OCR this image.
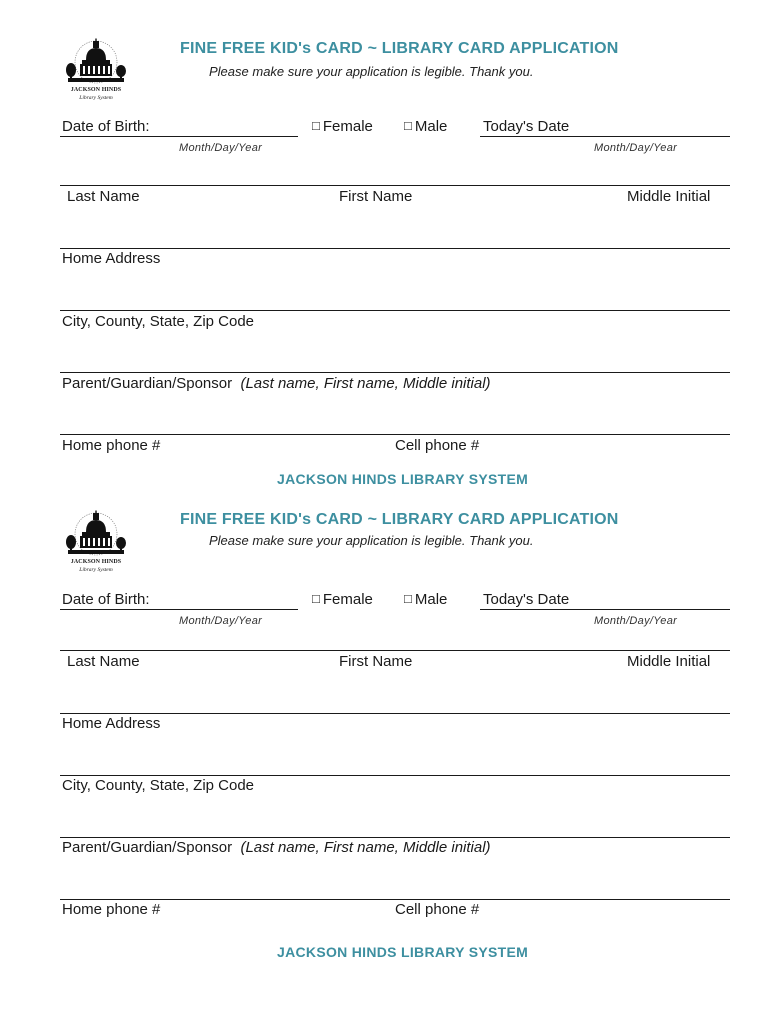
JACKSON HINDS
Library System
FINE FREE KID's CARD ~ LIBRARY CARD APPLICATION
Please make sure your application is legible. Thank you.
Date of Birth:
Month/Day/Year
□ Female □ Male Today's Date
Month/Day/Year
Last Name	First Name	Middle Initial
Home Address
City, County, State, Zip Code
Parent/Guardian/Sponsor (Last name, First name, Middle initial)
Home phone #	Cell phone #
JACKSON HINDS LIBRARY SYSTEM
JACKSON HINDS
Library System
FINE FREE KID's CARD ~ LIBRARY CARD APPLICATION
Please make sure your application is legible. Thank you.
Date of Birth:
Month/Day/Year
□ Female □ Male Today's Date
Month/Day/Year
Last Name	First Name	Middle Initial
Home Address
City, County, State, Zip Code
Parent/Guardian/Sponsor (Last name, First name, Middle initial)
Home phone #	Cell phone #
JACKSON HINDS LIBRARY SYSTEM
